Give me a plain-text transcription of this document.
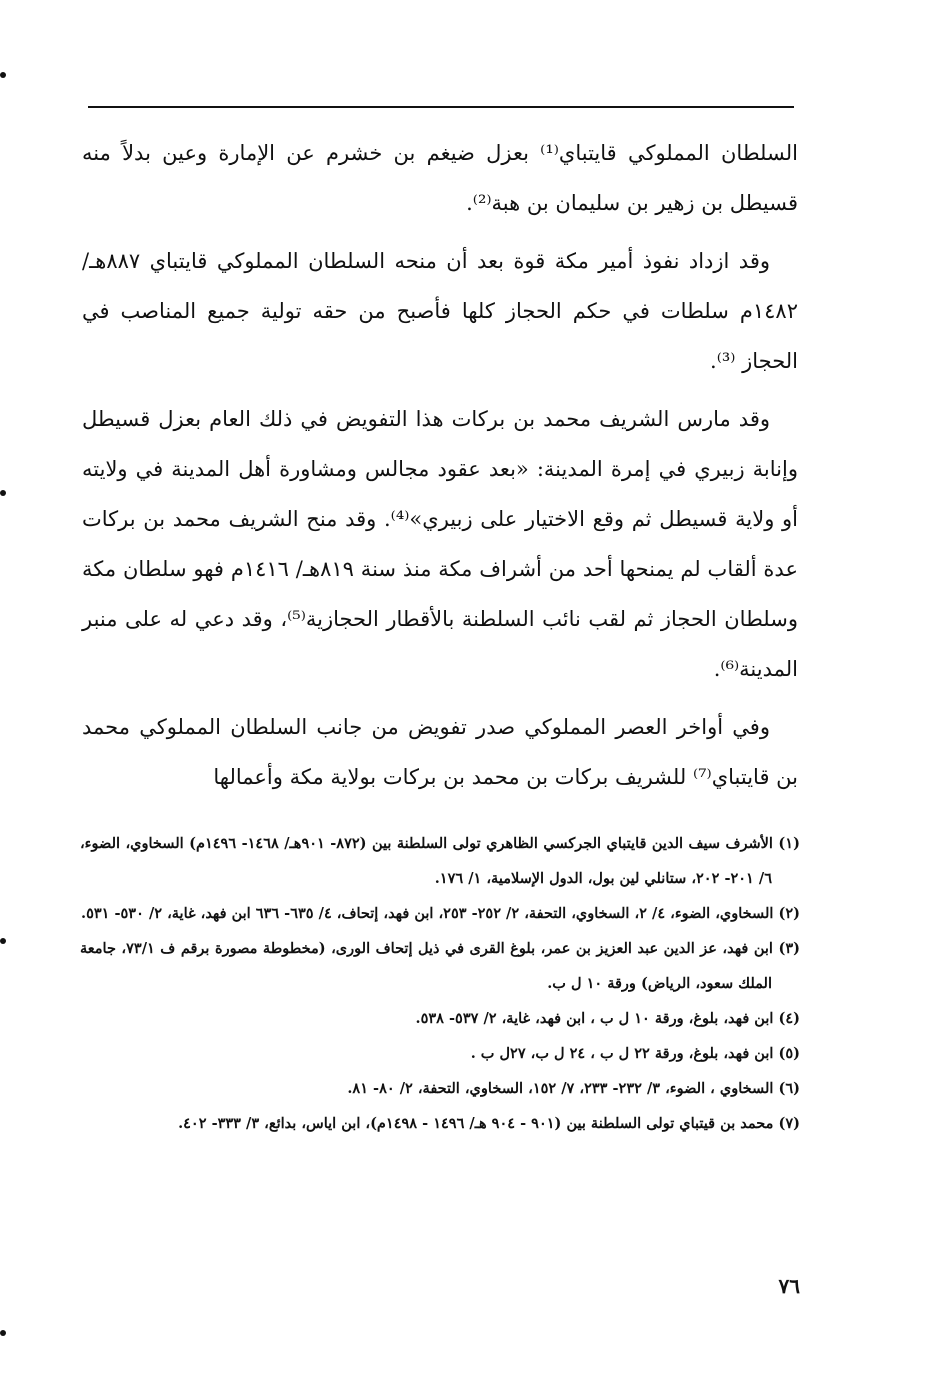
السلطان المملوكي قايتباي⁽¹⁾ بعزل ضيغم بن خشرم عن الإمارة وعين بدلاً منه قسيطل بن زهير بن سليمان بن هبة⁽²⁾.

وقد ازداد نفوذ أمير مكة قوة بعد أن منحه السلطان المملوكي قايتباي ٨٨٧هـ/ ١٤٨٢م سلطات في حكم الحجاز كلها فأصبح من حقه تولية جميع المناصب في الحجاز ⁽³⁾.

وقد مارس الشريف محمد بن بركات هذا التفويض في ذلك العام بعزل قسيطل وإنابة زبيري في إمرة المدينة: «بعد عقود مجالس ومشاورة أهل المدينة في ولايته أو ولاية قسيطل ثم وقع الاختيار على زبيري»⁽⁴⁾. وقد منح الشريف محمد بن بركات عدة ألقاب لم يمنحها أحد من أشراف مكة منذ سنة ٨١٩هـ/ ١٤١٦م فهو سلطان مكة وسلطان الحجاز ثم لقب نائب السلطنة بالأقطار الحجازية⁽⁵⁾، وقد دعي له على منبر المدينة⁽⁶⁾.

وفي أواخر العصر المملوكي صدر تفويض من جانب السلطان المملوكي محمد بن قايتباي⁽⁷⁾ للشريف بركات بن محمد بن بركات بولاية مكة وأعمالها

(١) الأشرف سيف الدين قايتباي الجركسي الظاهري تولى السلطنة بين (٨٧٢- ٩٠١هـ/ ١٤٦٨- ١٤٩٦م) السخاوي، الضوء، ٦/ ٢٠١- ٢٠٢، ستانلي لين بول، الدول الإسلامية، ١/ ١٧٦.

(٢) السخاوي، الضوء، ٤/ ٢، السخاوي، التحفة، ٢/ ٢٥٢- ٢٥٣، ابن فهد، إتحاف، ٤/ ٦٣٥- ٦٣٦ ابن فهد، غاية، ٢/ ٥٣٠- ٥٣١.

(٣) ابن فهد، عز الدين عبد العزيز بن عمر، بلوغ القرى في ذيل إتحاف الورى، (مخطوطة مصورة برقم ف ٧٣/١، جامعة الملك سعود، الرياض) ورقة ١٠ ل ب.

(٤) ابن فهد، بلوغ، ورقة ١٠ ل ب ، ابن فهد، غاية، ٢/ ٥٣٧- ٥٣٨.

(٥) ابن فهد، بلوغ، ورقة ٢٢ ل ب ، ٢٤ ل ب، ٢٧ل ب .

(٦) السخاوي ، الضوء، ٣/ ٢٣٢- ٢٣٣، ٧/ ١٥٢، السخاوي، التحفة، ٢/ ٨٠- ٨١.

(٧) محمد بن قيتباي تولى السلطنة بين (٩٠١ - ٩٠٤ هـ/ ١٤٩٦ - ١٤٩٨م)، ابن اياس، بدائع، ٣/ ٣٣٣- ٤٠٢.

٧٦
